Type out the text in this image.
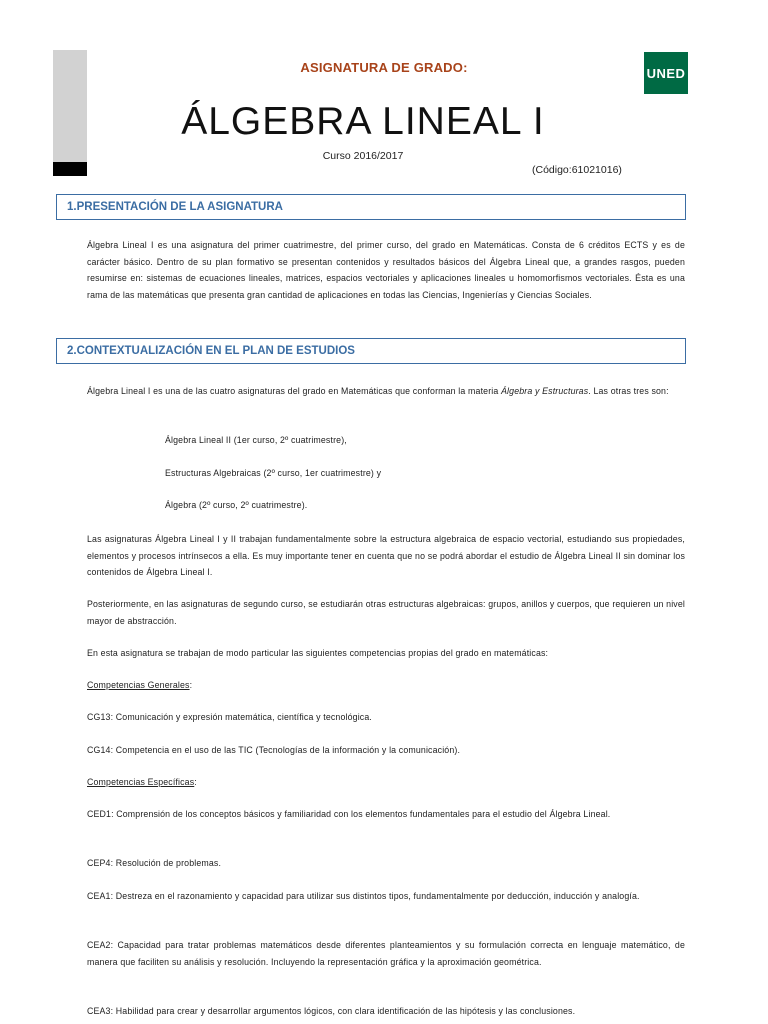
UNED
ASIGNATURA DE GRADO:
ÁLGEBRA LINEAL I
Curso 2016/2017
(Código:61021016)
1.PRESENTACIÓN DE LA ASIGNATURA

Álgebra Lineal I es una asignatura del primer cuatrimestre, del primer curso, del grado en Matemáticas. Consta de 6 créditos ECTS y es de carácter básico. Dentro de su plan formativo se presentan contenidos y resultados básicos del Álgebra Lineal que, a grandes rasgos, pueden resumirse en: sistemas de ecuaciones lineales, matrices, espacios vectoriales y aplicaciones lineales u homomorfismos vectoriales. Ésta es una rama de las matemáticas que presenta gran cantidad de aplicaciones en todas las Ciencias, Ingenierías y Ciencias Sociales.

2.CONTEXTUALIZACIÓN EN EL PLAN DE ESTUDIOS

Álgebra Lineal I es una de las cuatro asignaturas del grado en Matemáticas que conforman la materia Álgebra y Estructuras. Las otras tres son:

Álgebra Lineal II (1er curso, 2º cuatrimestre),
Estructuras Algebraicas (2º curso, 1er cuatrimestre) y
Álgebra (2º curso, 2º cuatrimestre).

Las asignaturas Álgebra Lineal I y II trabajan fundamentalmente sobre la estructura algebraica de espacio vectorial, estudiando sus propiedades, elementos y procesos intrínsecos a ella. Es muy importante tener en cuenta que no se podrá abordar el estudio de Álgebra Lineal II sin dominar los contenidos de Álgebra Lineal I.

Posteriormente, en las asignaturas de segundo curso, se estudiarán otras estructuras algebraicas: grupos, anillos y cuerpos, que requieren un nivel mayor de abstracción.

En esta asignatura se trabajan de modo particular las siguientes competencias propias del grado en matemáticas:

Competencias Generales:

CG13: Comunicación y expresión matemática, científica y tecnológica.

CG14: Competencia en el uso de las TIC (Tecnologías de la información y la comunicación).

Competencias Específicas:

CED1: Comprensión de los conceptos básicos y familiaridad con los elementos fundamentales para el estudio del Álgebra Lineal.

CEP4: Resolución de problemas.

CEA1: Destreza en el razonamiento y capacidad para utilizar sus distintos tipos, fundamentalmente por deducción, inducción y analogía.

CEA2: Capacidad para tratar problemas matemáticos desde diferentes planteamientos y su formulación correcta en lenguaje matemático, de manera que faciliten su análisis y resolución. Incluyendo la representación gráfica y la aproximación geométrica.

CEA3: Habilidad para crear y desarrollar argumentos lógicos, con clara identificación de las hipótesis y las conclusiones.
